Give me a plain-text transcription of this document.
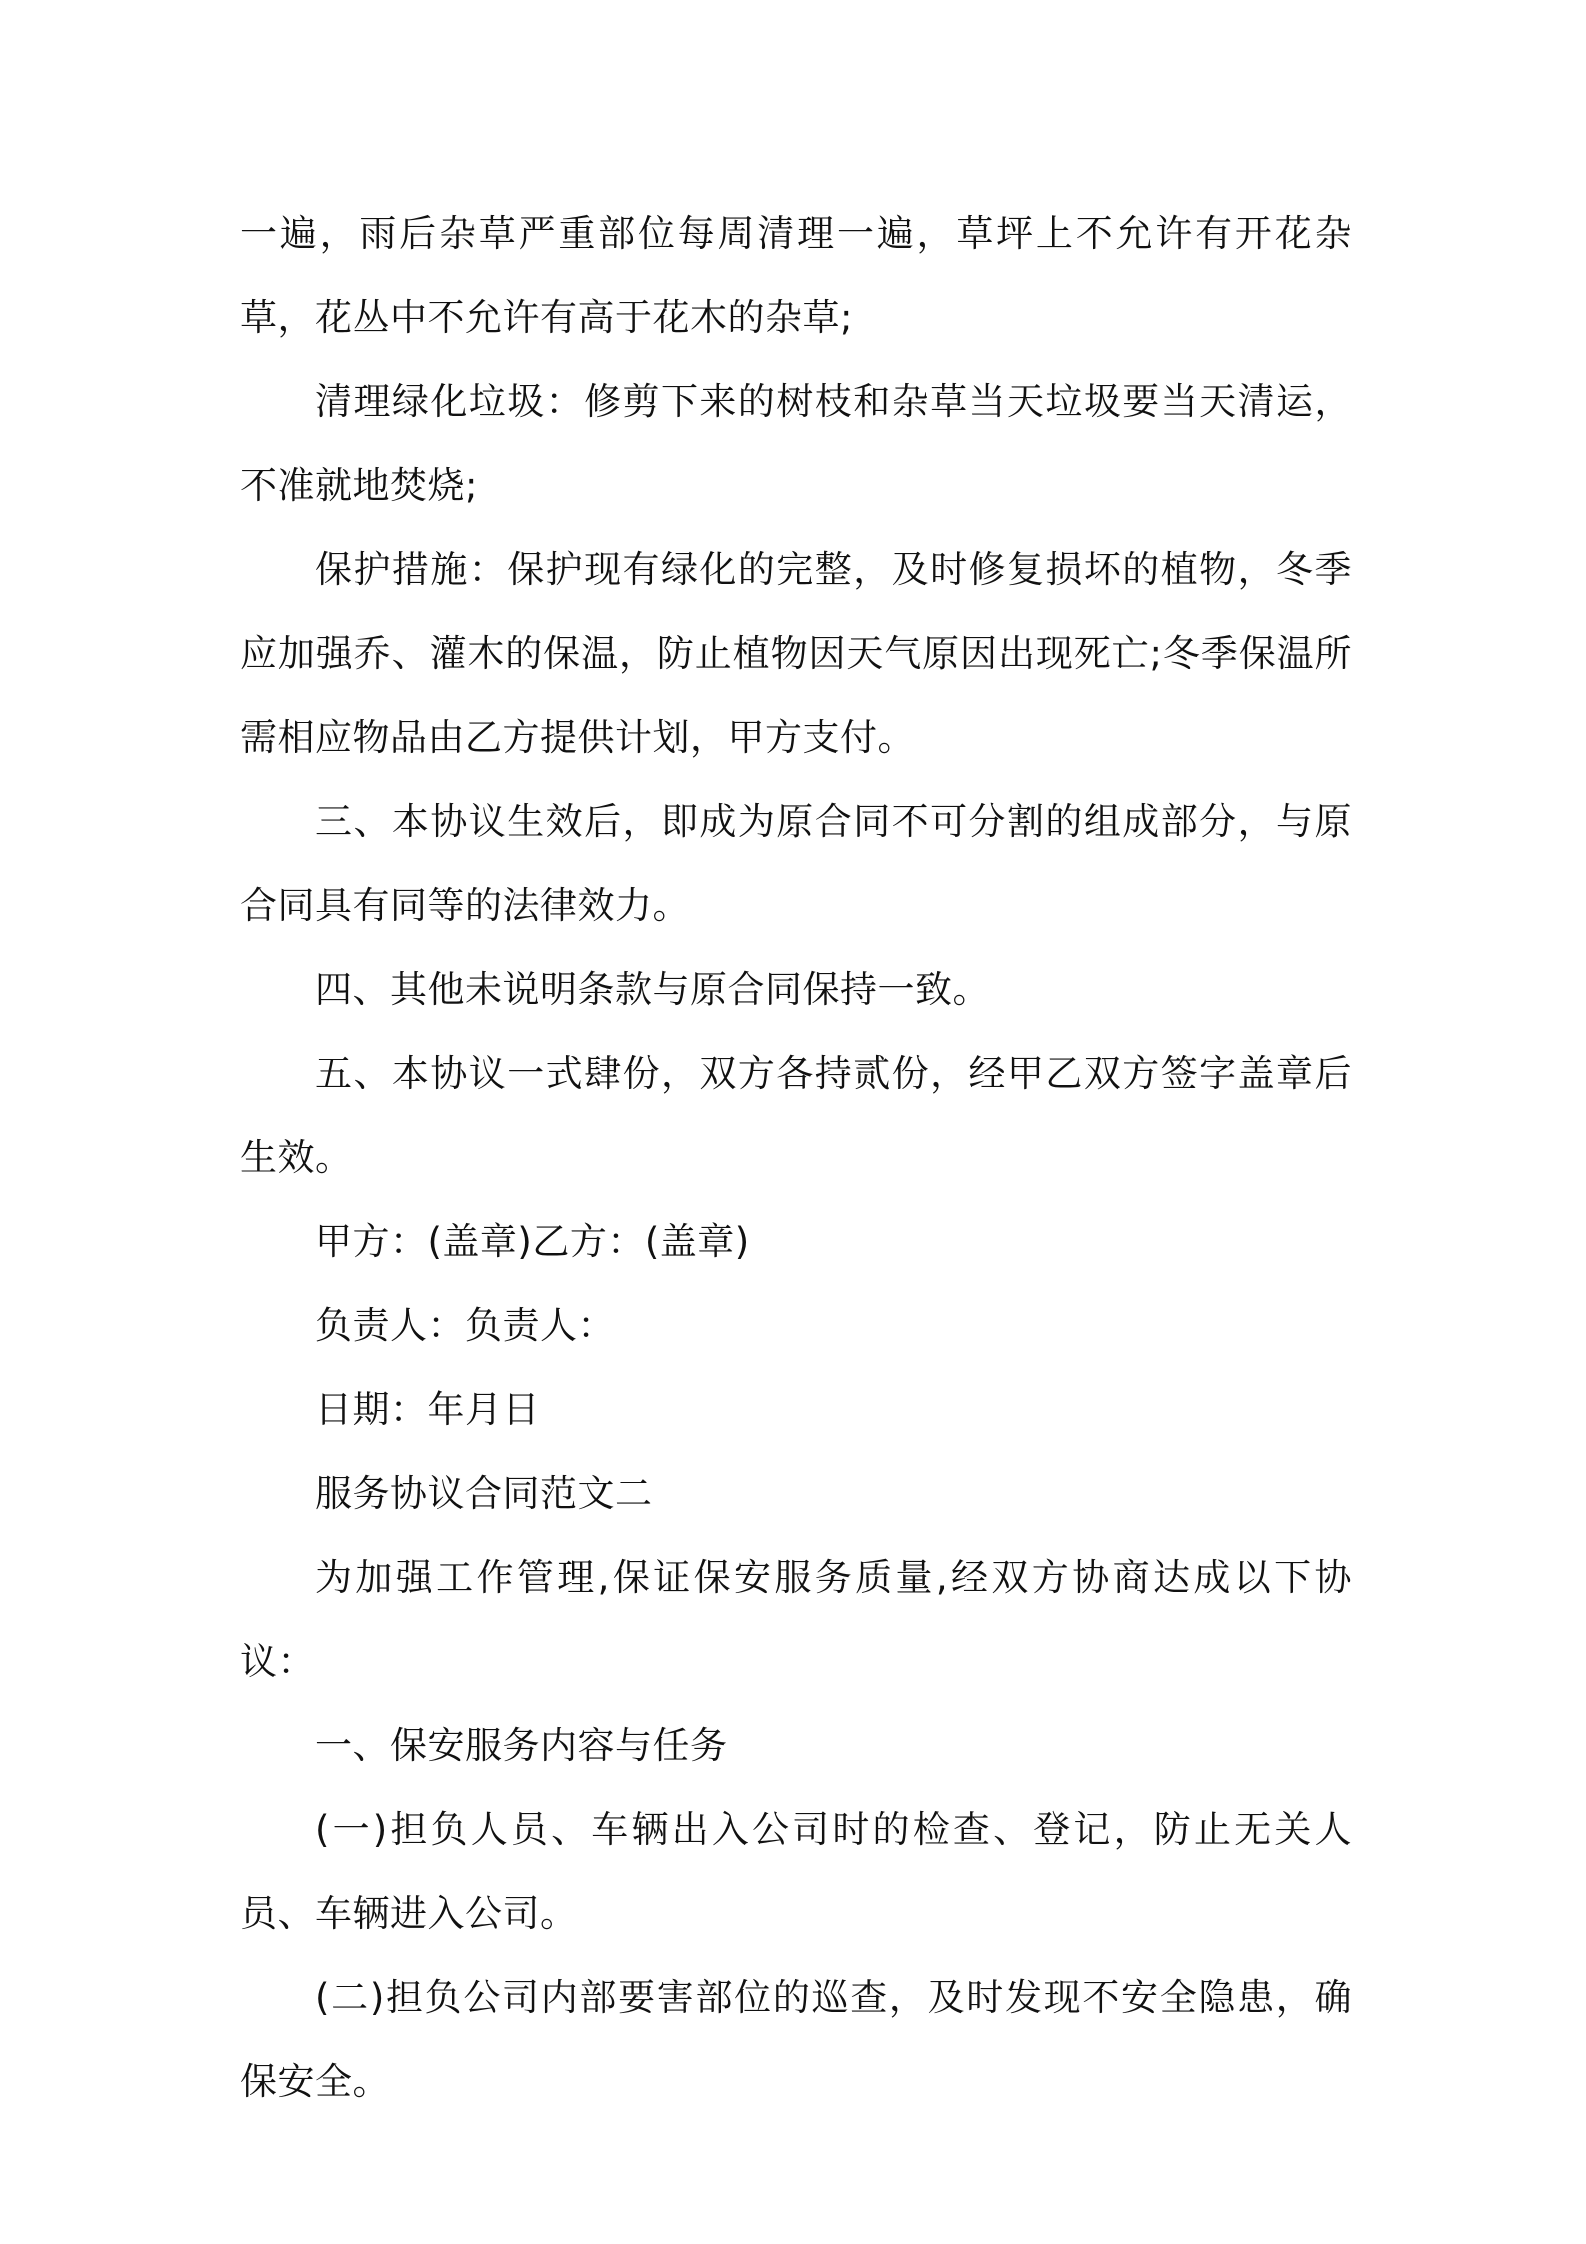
一遍，雨后杂草严重部位每周清理一遍，草坪上不允许有开花杂草，花丛中不允许有高于花木的杂草;

清理绿化垃圾：修剪下来的树枝和杂草当天垃圾要当天清运，不准就地焚烧;

保护措施：保护现有绿化的完整，及时修复损坏的植物，冬季应加强乔、灌木的保温，防止植物因天气原因出现死亡;冬季保温所需相应物品由乙方提供计划，甲方支付。

三、本协议生效后，即成为原合同不可分割的组成部分，与原合同具有同等的法律效力。

四、其他未说明条款与原合同保持一致。

五、本协议一式肆份，双方各持贰份，经甲乙双方签字盖章后生效。

甲方：(盖章)乙方：(盖章)

负责人：负责人：

日期：年月日

服务协议合同范文二

为加强工作管理,保证保安服务质量,经双方协商达成以下协议：

一、保安服务内容与任务

(一)担负人员、车辆出入公司时的检查、登记，防止无关人员、车辆进入公司。

(二)担负公司内部要害部位的巡查，及时发现不安全隐患，确保安全。
